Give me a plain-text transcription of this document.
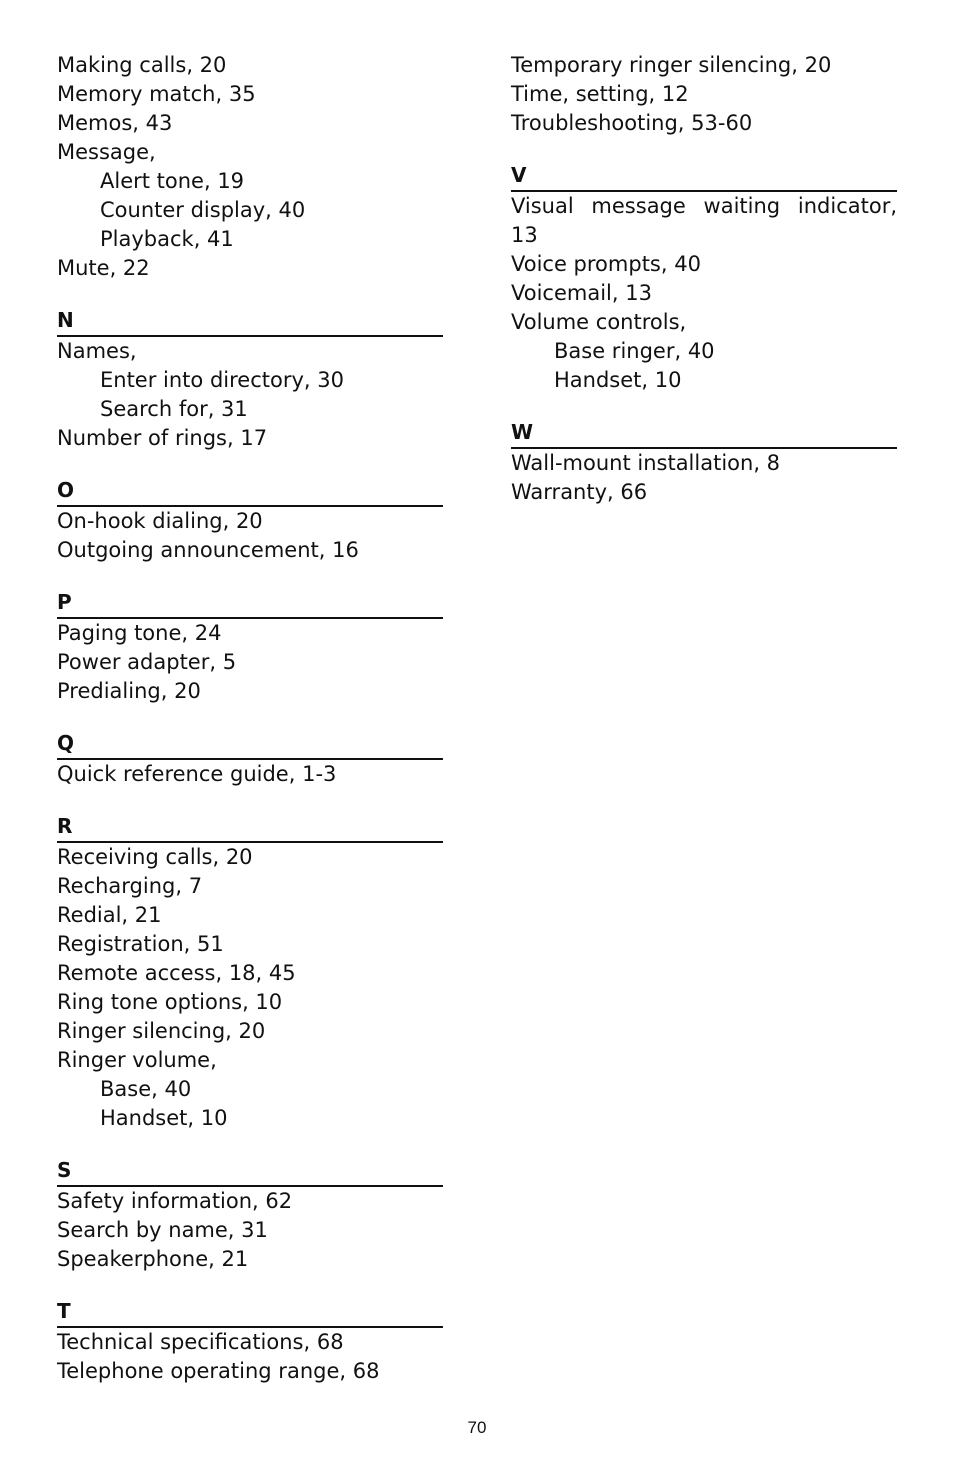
Making calls, 20
Memory match, 35
Memos, 43
Message,
Alert tone, 19
Counter display, 40
Playback, 41
Mute, 22
N
Names,
Enter into directory, 30
Search for, 31
Number of rings, 17
O
On-hook dialing, 20
Outgoing announcement, 16
P
Paging tone, 24
Power adapter, 5
Predialing, 20
Q
Quick reference guide, 1-3
R
Receiving calls, 20
Recharging, 7
Redial, 21
Registration, 51
Remote access, 18, 45
Ring tone options, 10
Ringer silencing, 20
Ringer volume,
Base, 40
Handset, 10
S
Safety information, 62
Search by name, 31
Speakerphone, 21
T
Technical specifications, 68
Telephone operating range, 68
Temporary ringer silencing, 20
Time, setting, 12
Troubleshooting, 53-60
V
Visual message waiting indicator,
13
Voice prompts, 40
Voicemail, 13
Volume controls,
Base ringer, 40
Handset, 10
W
Wall-mount installation, 8
Warranty, 66
70
